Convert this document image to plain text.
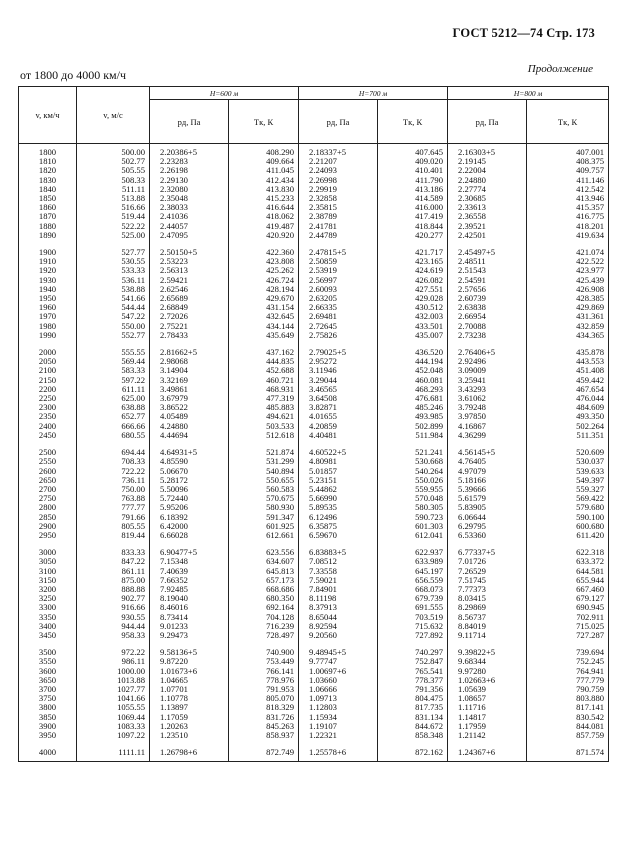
ГОСТ 5212—74 Стр. 173
Продолжение
от 1800 до 4000 км/ч
v, км/ч	v, м/с	H=600 м		H=700 м		H=800 м	
		pд, Па	Tк, К	pд, Па	Tк, К	pд, Па	Tк, К
1800	500.00	2.20386+5	408.290	2.18337+5	407.645	2.16303+5	407.001
1810	502.77	2.23283	409.664	2.21207	409.020	2.19145	408.375
1820	505.55	2.26198	411.045	2.24093	410.401	2.22004	409.757
1830	508.33	2.29130	412.434	2.26998	411.790	2.24880	411.146
1840	511.11	2.32080	413.830	2.29919	413.186	2.27774	412.542
1850	513.88	2.35048	415.233	2.32858	414.589	2.30685	413.946
1860	516.66	2.38033	416.644	2.35815	416.000	2.33613	415.357
1870	519.44	2.41036	418.062	2.38789	417.419	2.36558	416.775
1880	522.22	2.44057	419.487	2.41781	418.844	2.39521	418.201
1890	525.00	2.47095	420.920	2.44789	420.277	2.42501	419.634

1900	527.77	2.50150+5	422.360	2.47815+5	421.717	2.45497+5	421.074
1910	530.55	2.53223	423.808	2.50859	423.165	2.48511	422.522
1920	533.33	2.56313	425.262	2.53919	424.619	2.51543	423.977
1930	536.11	2.59421	426.724	2.56997	426.082	2.54591	425.439
1940	538.88	2.62546	428.194	2.60093	427.551	2.57656	426.908
1950	541.66	2.65689	429.670	2.63205	429.028	2.60739	428.385
1960	544.44	2.68849	431.154	2.66335	430.512	2.63838	429.869
1970	547.22	2.72026	432.645	2.69481	432.003	2.66954	431.361
1980	550.00	2.75221	434.144	2.72645	433.501	2.70088	432.859
1990	552.77	2.78433	435.649	2.75826	435.007	2.73238	434.365

2000	555.55	2.81662+5	437.162	2.79025+5	436.520	2.76406+5	435.878
2050	569.44	2.98068	444.835	2.95272	444.194	2.92496	443.553
2100	583.33	3.14904	452.688	3.11946	452.048	3.09009	451.408
2150	597.22	3.32169	460.721	3.29044	460.081	3.25941	459.442
2200	611.11	3.49861	468.931	3.46565	468.293	3.43293	467.654
2250	625.00	3.67979	477.319	3.64508	476.681	3.61062	476.044
2300	638.88	3.86522	485.883	3.82871	485.246	3.79248	484.609
2350	652.77	4.05489	494.621	4.01655	493.985	3.97850	493.350
2400	666.66	4.24880	503.533	4.20859	502.899	4.16867	502.264
2450	680.55	4.44694	512.618	4.40481	511.984	4.36299	511.351

2500	694.44	4.64931+5	521.874	4.60522+5	521.241	4.56145+5	520.609
2550	708.33	4.85590	531.299	4.80981	530.668	4.76405	530.037
2600	722.22	5.06670	540.894	5.01857	540.264	4.97079	539.633
2650	736.11	5.28172	550.655	5.23151	550.026	5.18166	549.397
2700	750.00	5.50096	560.583	5.44862	559.955	5.39666	559.327
2750	763.88	5.72440	570.675	5.66990	570.048	5.61579	569.422
2800	777.77	5.95206	580.930	5.89535	580.305	5.83905	579.680
2850	791.66	6.18392	591.347	6.12496	590.723	6.06644	590.100
2900	805.55	6.42000	601.925	6.35875	601.303	6.29795	600.680
2950	819.44	6.66028	612.661	6.59670	612.041	6.53360	611.420

3000	833.33	6.90477+5	623.556	6.83883+5	622.937	6.77337+5	622.318
3050	847.22	7.15348	634.607	7.08512	633.989	7.01726	633.372
3100	861.11	7.40639	645.813	7.33558	645.197	7.26529	644.581
3150	875.00	7.66352	657.173	7.59021	656.559	7.51745	655.944
3200	888.88	7.92485	668.686	7.84901	668.073	7.77373	667.460
3250	902.77	8.19040	680.350	8.11198	679.739	8.03415	679.127
3300	916.66	8.46016	692.164	8.37913	691.555	8.29869	690.945
3350	930.55	8.73414	704.128	8.65044	703.519	8.56737	702.911
3400	944.44	9.01233	716.239	8.92594	715.632	8.84019	715.025
3450	958.33	9.29473	728.497	9.20560	727.892	9.11714	727.287

3500	972.22	9.58136+5	740.900	9.48945+5	740.297	9.39822+5	739.694
3550	986.11	9.87220	753.449	9.77747	752.847	9.68344	752.245
3600	1000.00	1.01673+6	766.141	1.00697+6	765.541	9.97280	764.941
3650	1013.88	1.04665	778.976	1.03660	778.377	1.02663+6	777.779
3700	1027.77	1.07701	791.953	1.06666	791.356	1.05639	790.759
3750	1041.66	1.10778	805.070	1.09713	804.475	1.08657	803.880
3800	1055.55	1.13897	818.329	1.12803	817.735	1.11716	817.141
3850	1069.44	1.17059	831.726	1.15934	831.134	1.14817	830.542
3900	1083.33	1.20263	845.263	1.19107	844.672	1.17959	844.081
3950	1097.22	1.23510	858.937	1.22321	858.348	1.21142	857.759

4000	1111.11	1.26798+6	872.749	1.25578+6	872.162	1.24367+6	871.574
